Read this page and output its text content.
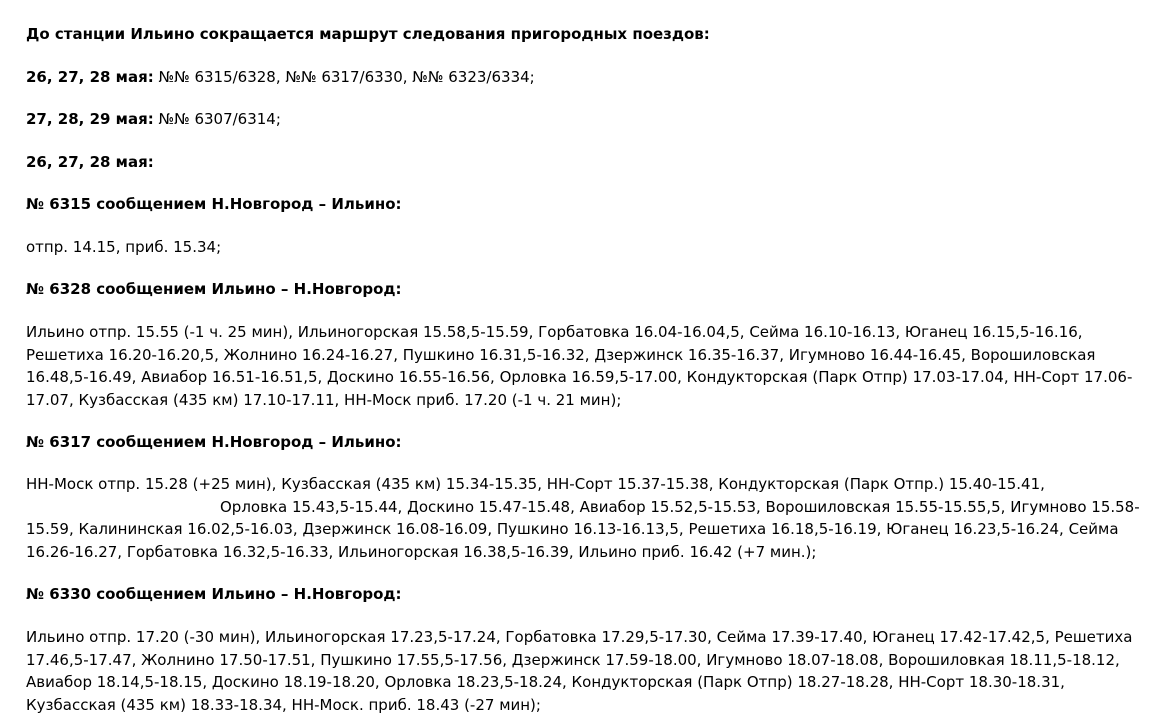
До станции Ильино сокращается маршрут следования пригородных поездов:

26, 27, 28 мая: №№ 6315/6328, №№ 6317/6330, №№ 6323/6334;

27, 28, 29 мая: №№ 6307/6314;

26, 27, 28 мая:

№ 6315 сообщением Н.Новгород – Ильино:

отпр. 14.15, приб. 15.34;

№ 6328 сообщением Ильино – Н.Новгород:

Ильино отпр. 15.55 (-1 ч. 25 мин), Ильиногорская 15.58,5-15.59, Горбатовка 16.04-16.04,5, Сейма 16.10-16.13, Юганец 16.15,5-16.16,
Решетиха 16.20-16.20,5, Жолнино 16.24-16.27, Пушкино 16.31,5-16.32, Дзержинск 16.35-16.37, Игумново 16.44-16.45, Ворошиловская
16.48,5-16.49, Авиабор 16.51-16.51,5, Доскино 16.55-16.56, Орловка 16.59,5-17.00, Кондукторская (Парк Отпр) 17.03-17.04, НН-Сорт 17.06-
17.07, Кузбасская (435 км) 17.10-17.11, НН-Моск приб. 17.20 (-1 ч. 21 мин);

№ 6317 сообщением Н.Новгород – Ильино:

НН-Моск отпр. 15.28 (+25 мин), Кузбасская (435 км) 15.34-15.35, НН-Сорт 15.37-15.38, Кондукторская (Парк Отпр.) 15.40-15.41,
Орловка 15.43,5-15.44, Доскино 15.47-15.48, Авиабор 15.52,5-15.53, Ворошиловская 15.55-15.55,5, Игумново 15.58-
15.59, Калининская 16.02,5-16.03, Дзержинск 16.08-16.09, Пушкино 16.13-16.13,5, Решетиха 16.18,5-16.19, Юганец 16.23,5-16.24, Сейма
16.26-16.27, Горбатовка 16.32,5-16.33, Ильиногорская 16.38,5-16.39, Ильино приб. 16.42 (+7 мин.);

№ 6330 сообщением Ильино – Н.Новгород:

Ильино отпр. 17.20 (-30 мин), Ильиногорская 17.23,5-17.24, Горбатовка 17.29,5-17.30, Сейма 17.39-17.40, Юганец 17.42-17.42,5, Решетиха
17.46,5-17.47, Жолнино 17.50-17.51, Пушкино 17.55,5-17.56, Дзержинск 17.59-18.00, Игумново 18.07-18.08, Ворошиловкая 18.11,5-18.12,
Авиабор 18.14,5-18.15, Доскино 18.19-18.20, Орловка 18.23,5-18.24, Кондукторская (Парк Отпр) 18.27-18.28, НН-Сорт 18.30-18.31,
Кузбасская (435 км) 18.33-18.34, НН-Моск. приб. 18.43 (-27 мин);
